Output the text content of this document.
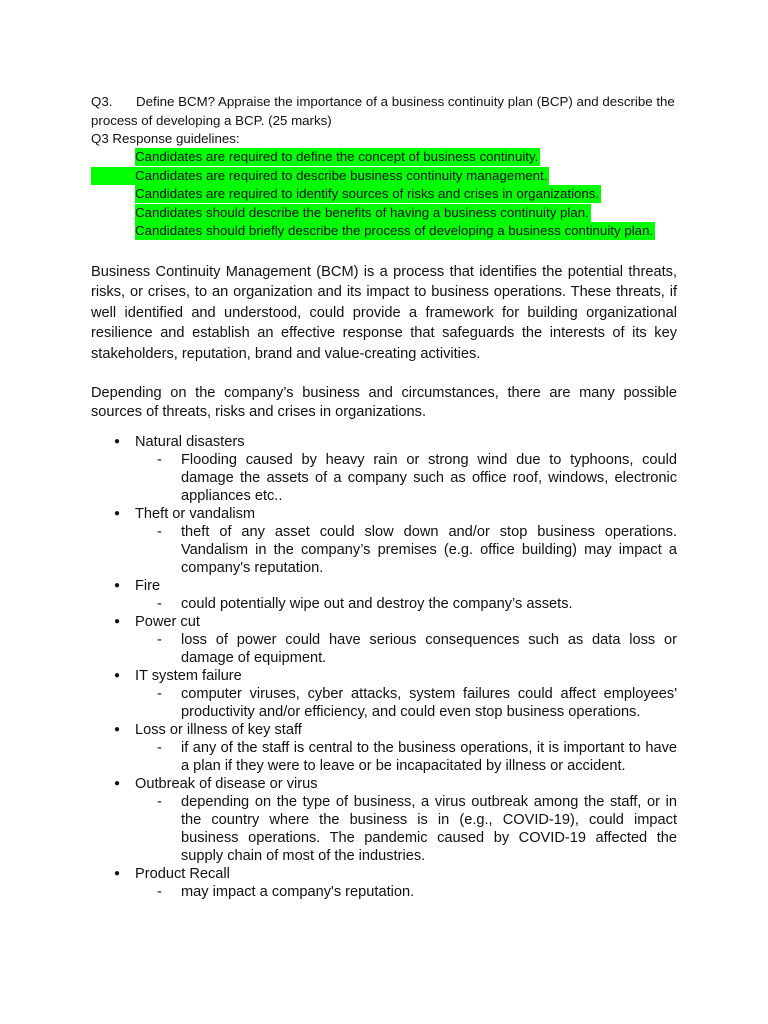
Q3. Define BCM? Appraise the importance of a business continuity plan (BCP) and describe the process of developing a BCP. (25 marks)
Q3 Response guidelines:
Candidates are required to define the concept of business continuity.
Candidates are required to describe business continuity management.
Candidates are required to identify sources of risks and crises in organizations.
Candidates should describe the benefits of having a business continuity plan.
Candidates should briefly describe the process of developing a business continuity plan.

Business Continuity Management (BCM) is a process that identifies the potential threats, risks, or crises, to an organization and its impact to business operations. These threats, if well identified and understood, could provide a framework for building organizational resilience and establish an effective response that safeguards the interests of its key stakeholders, reputation, brand and value-creating activities.

Depending on the company’s business and circumstances, there are many possible sources of threats, risks and crises in organizations.

● Natural disasters
- Flooding caused by heavy rain or strong wind due to typhoons, could damage the assets of a company such as office roof, windows, electronic appliances etc..
● Theft or vandalism
- theft of any asset could slow down and/or stop business operations. Vandalism in the company’s premises (e.g. office building) may impact a company's reputation.
● Fire
- could potentially wipe out and destroy the company’s assets.
● Power cut
- loss of power could have serious consequences such as data loss or damage of equipment.
● IT system failure
- computer viruses, cyber attacks, system failures could affect employees' productivity and/or efficiency, and could even stop business operations.
● Loss or illness of key staff
- if any of the staff is central to the business operations, it is important to have a plan if they were to leave or be incapacitated by illness or accident.
● Outbreak of disease or virus
- depending on the type of business, a virus outbreak among the staff, or in the country where the business is in (e.g., COVID-19), could impact business operations. The pandemic caused by COVID-19 affected the supply chain of most of the industries.
● Product Recall
- may impact a company's reputation.
